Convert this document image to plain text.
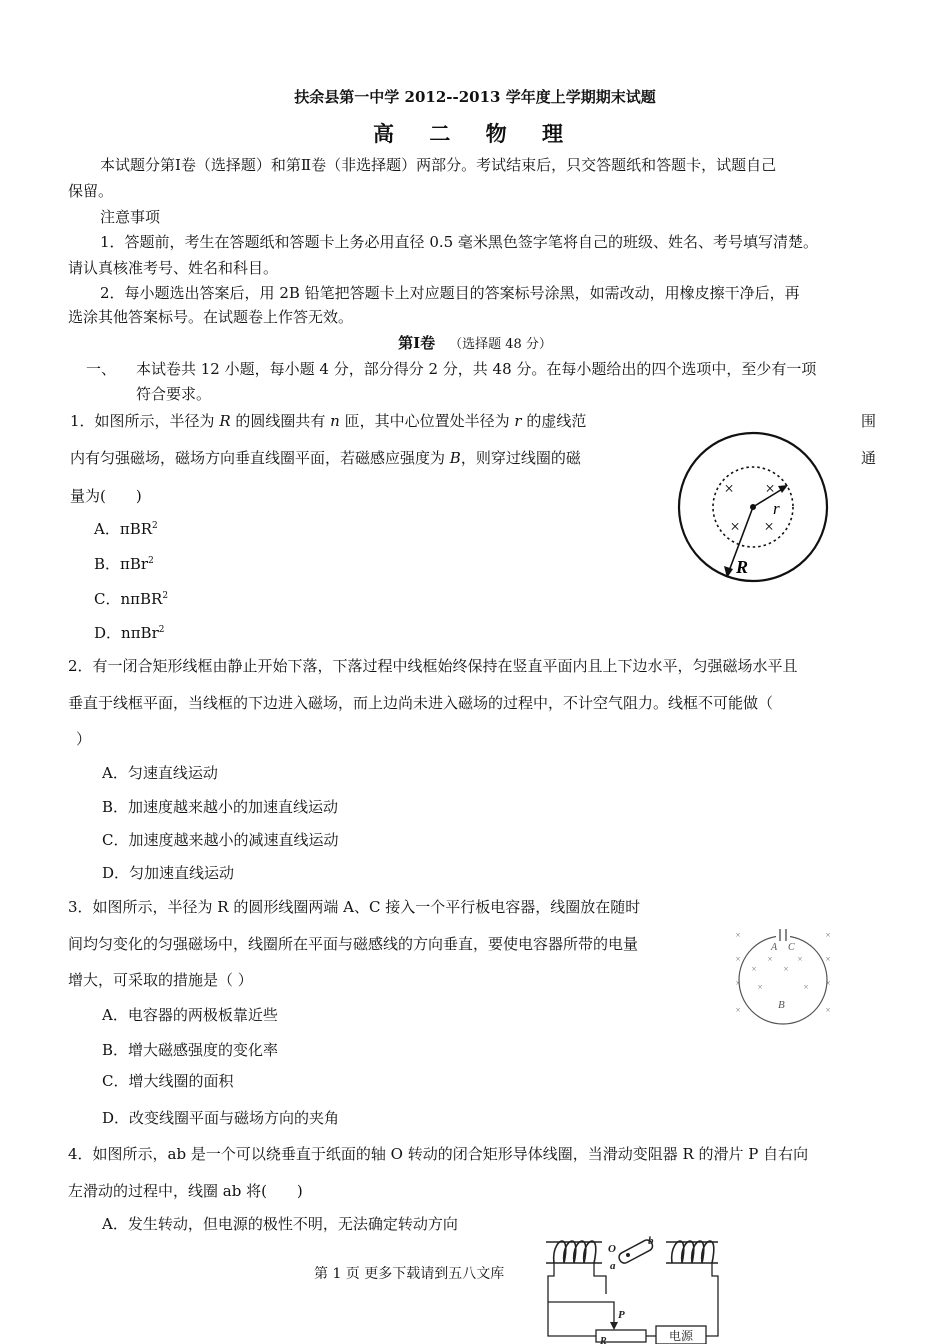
扶余县第一中学 2012--2013 学年度上学期期末试题
高 二 物 理
本试题分第Ⅰ卷（选择题）和第Ⅱ卷（非选择题）两部分。考试结束后，只交答题纸和答题卡，试题自己
保留。
注意事项
1．答题前，考生在答题纸和答题卡上务必用直径 0.5 毫米黑色签字笔将自己的班级、姓名、考号填写清楚。
请认真核准考号、姓名和科目。
2．每小题选出答案后，用 2B 铅笔把答题卡上对应题目的答案标号涂黑，如需改动，用橡皮擦干净后，再
选涂其他答案标号。在试题卷上作答无效。
第Ⅰ卷 （选择题 48 分）
一、 本试卷共 12 小题，每小题 4 分，部分得分 2 分，共 48 分。在每小题给出的四个选项中，至少有一项
符合要求。
1．如图所示，半径为 R 的圆线圈共有 n 匝，其中心位置处半径为 r 的虚线范	围
内有匀强磁场，磁场方向垂直线圈平面，若磁感应强度为 B，则穿过线圈的磁	通
量为(　　)
A．πBR$^2$
B．πBr$^2$
C．nπBR$^2$
D．nπBr$^2$
× ×
× ×
r
R
2．有一闭合矩形线框由静止开始下落，下落过程中线框始终保持在竖直平面内且上下边水平，匀强磁场水平且
垂直于线框平面，当线框的下边进入磁场，而上边尚未进入磁场的过程中，不计空气阻力。线框不可能做（
）
A．匀速直线运动
B．加速度越来越小的加速直线运动
C．加速度越来越小的减速直线运动
D．匀加速直线运动
3．如图所示，半径为 R 的圆形线圈两端 A、C 接入一个平行板电容器，线圈放在随时
间均匀变化的匀强磁场中，线圈所在平面与磁感线的方向垂直，要使电容器所带的电量
增大，可采取的措施是（ ）
A．电容器的两极板靠近些
B．增大磁感强度的变化率
C．增大线圈的面积
D．改变线圈平面与磁场方向的夹角
×	×
×	×	×	×
×	×
×	×
×	×
×	×
A C
B
4．如图所示，ab 是一个可以绕垂直于纸面的轴 O 转动的闭合矩形导体线圈，当滑动变阻器 R 的滑片 P 自右向
左滑动的过程中，线圈 ab 将(　　)
A．发生转动，但电源的极性不明，无法确定转动方向
O
a
b
P
R	电源
第 1 页 更多下载请到五八文库
